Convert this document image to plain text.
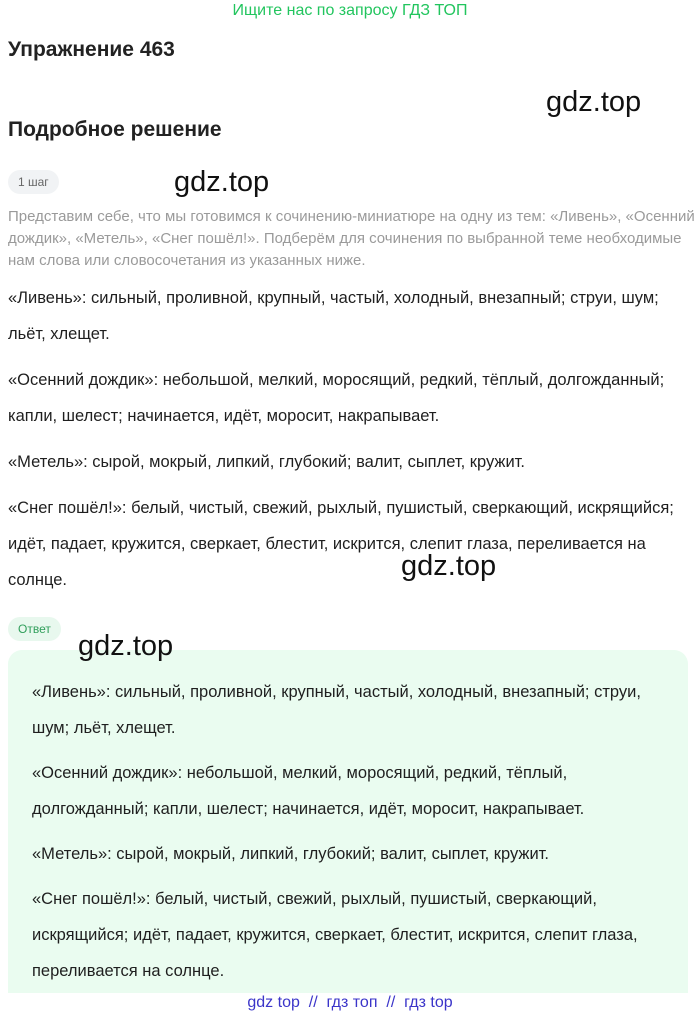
Ищите нас по запросу ГДЗ ТОП
Упражнение 463
gdz.top
Подробное решение
1 шаг	gdz.top

Представим себе, что мы готовимся к сочинению-миниатюре на одну из тем: «Ливень», «Осенний дождик», «Метель», «Снег пошёл!». Подберём для сочинения по выбранной теме необходимые нам слова или словосочетания из указанных ниже.

«Ливень»: сильный, проливной, крупный, частый, холодный, внезапный; струи, шум; льёт, хлещет.
«Осенний дождик»: небольшой, мелкий, моросящий, редкий, тёплый, долгожданный; капли, шелест; начинается, идёт, моросит, накрапывает.
«Метель»: сырой, мокрый, липкий, глубокий; валит, сыплет, кружит.
«Снег пошёл!»: белый, чистый, свежий, рыхлый, пушистый, сверкающий, искрящийся; идёт, падает, кружится, сверкает, блестит, искрится, слепит глаза, переливается на солнце.	gdz.top
Ответ
gdz.top
«Ливень»: сильный, проливной, крупный, частый, холодный, внезапный; струи, шум; льёт, хлещет.
«Осенний дождик»: небольшой, мелкий, моросящий, редкий, тёплый, долгожданный; капли, шелест; начинается, идёт, моросит, накрапывает.
«Метель»: сырой, мокрый, липкий, глубокий; валит, сыплет, кружит.
«Снег пошёл!»: белый, чистый, свежий, рыхлый, пушистый, сверкающий, искрящийся; идёт, падает, кружится, сверкает, блестит, искрится, слепит глаза, переливается на солнце.
gdz top  //  гдз топ  //  гдз top
